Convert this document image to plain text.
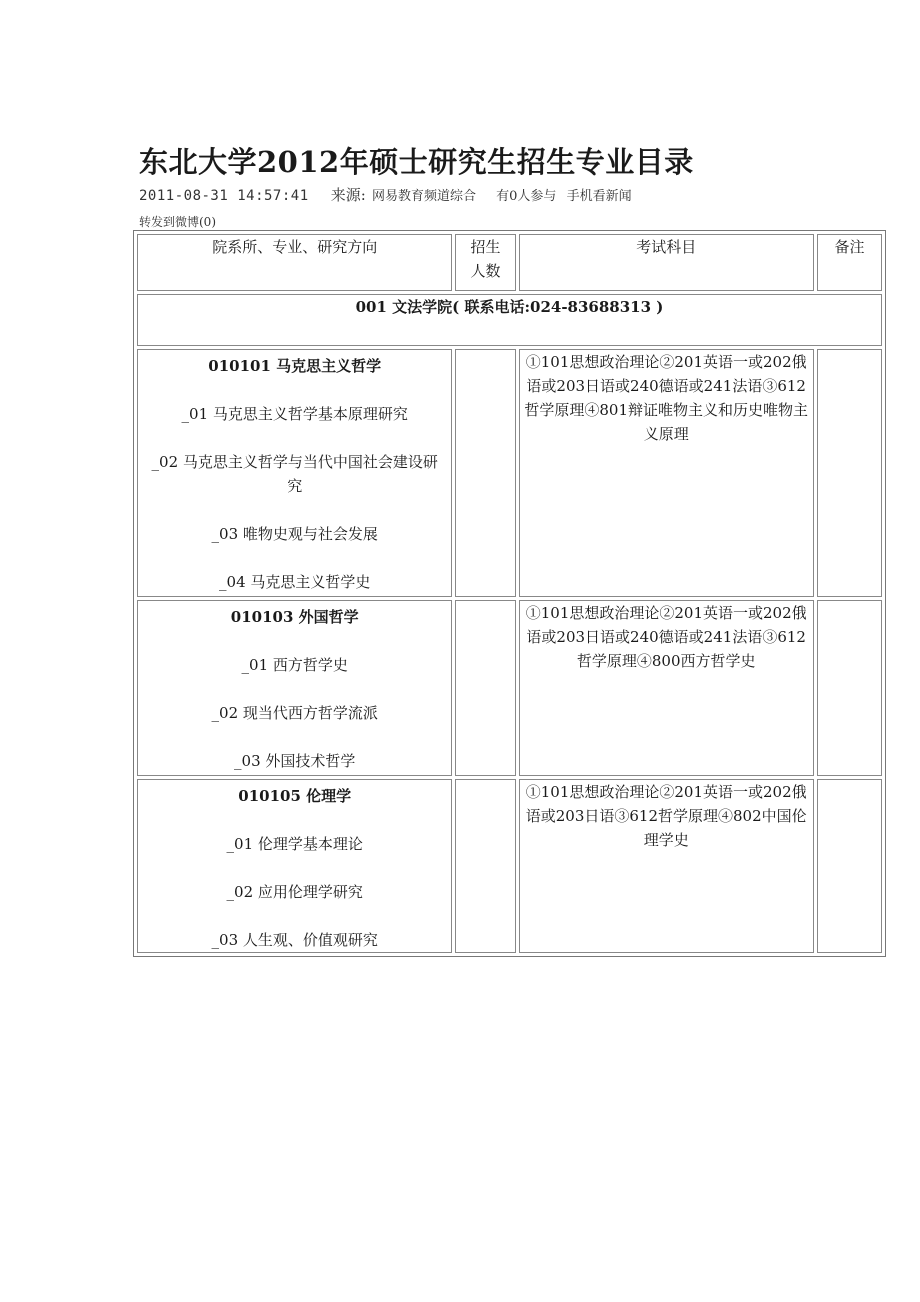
东北大学2012年硕士研究生招生专业目录
2011-08-31 14:57:41 来源: 网易教育频道综合 有0人参与 手机看新闻
转发到微博(0)
院系所、专业、研究方向	招生人数	考试科目	备注
001 文法学院( 联系电话:024-83688313 )			

010101 马克思主义哲学
_01 马克思主义哲学基本原理研究
_02 马克思主义哲学与当代中国社会建设研究
_03 唯物史观与社会发展
_04 马克思主义哲学史		①101思想政治理论②201英语一或202俄语或203日语或240德语或241法语③612哲学原理④801辩证唯物主义和历史唯物主义原理	

010103 外国哲学
_01 西方哲学史
_02 现当代西方哲学流派
_03 外国技术哲学		①101思想政治理论②201英语一或202俄语或203日语或240德语或241法语③612哲学原理④800西方哲学史	

010105 伦理学
_01 伦理学基本理论
_02 应用伦理学研究
_03 人生观、价值观研究		①101思想政治理论②201英语一或202俄语或203日语③612哲学原理④802中国伦理学史	
